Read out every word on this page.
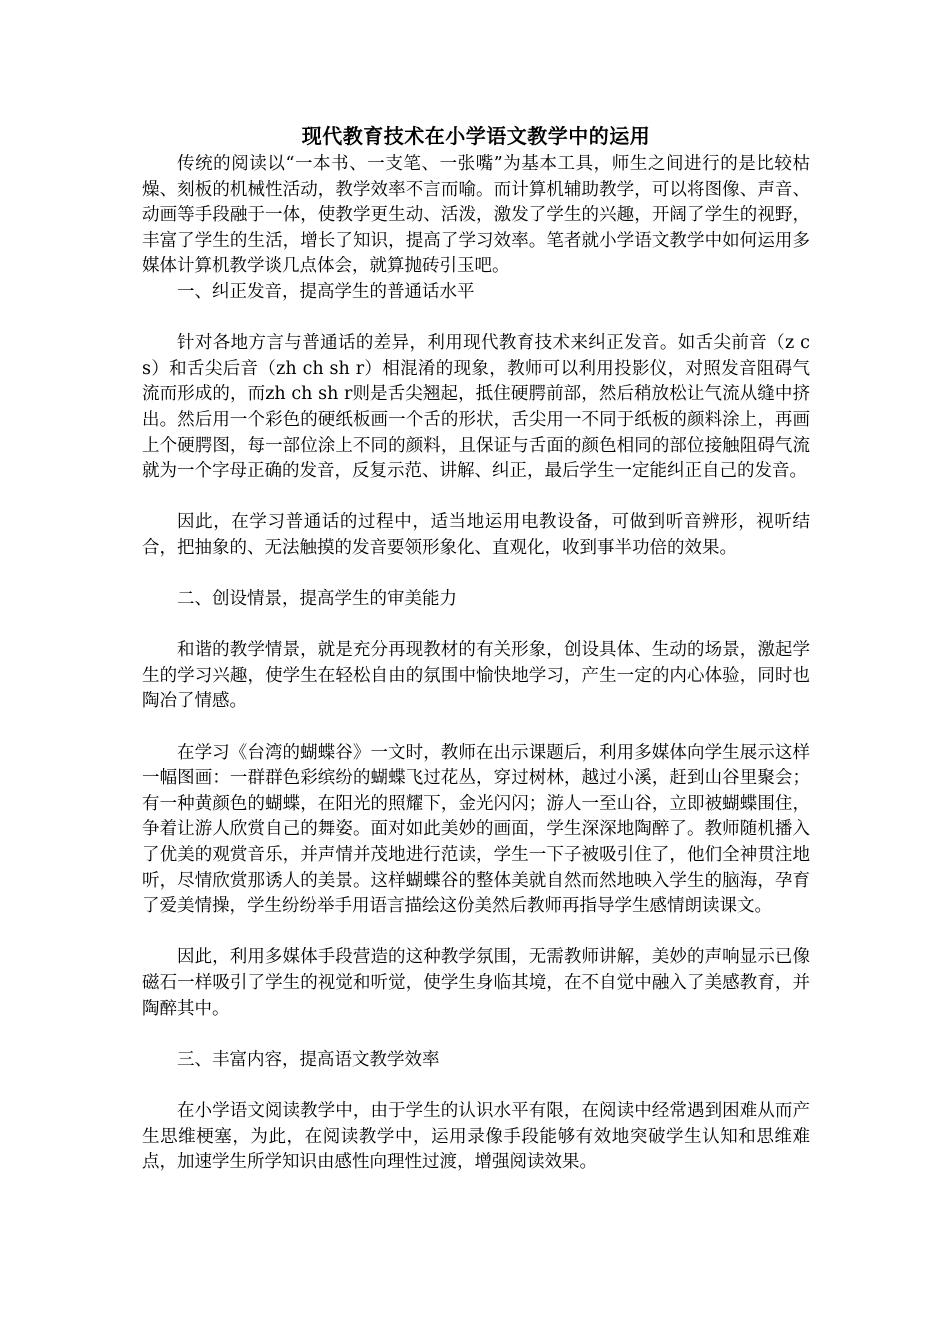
现代教育技术在小学语文教学中的运用

传统的阅读以“一本书、一支笔、一张嘴”为基本工具，师生之间进行的是比较枯燥、刻板的机械性活动，教学效率不言而喻。而计算机辅助教学，可以将图像、声音、动画等手段融于一体，使教学更生动、活泼，激发了学生的兴趣，开阔了学生的视野，丰富了学生的生活，增长了知识，提高了学习效率。笔者就小学语文教学中如何运用多媒体计算机教学谈几点体会，就算抛砖引玉吧。

一、纠正发音，提高学生的普通话水平

针对各地方言与普通话的差异，利用现代教育技术来纠正发音。如舌尖前音（z c s）和舌尖后音（zh ch sh r）相混淆的现象，教师可以利用投影仪，对照发音阻碍气流而形成的，而zh ch sh r则是舌尖翘起，抵住硬腭前部，然后稍放松让气流从缝中挤出。然后用一个彩色的硬纸板画一个舌的形状，舌尖用一不同于纸板的颜料涂上，再画上个硬腭图，每一部位涂上不同的颜料，且保证与舌面的颜色相同的部位接触阻碍气流就为一个字母正确的发音，反复示范、讲解、纠正，最后学生一定能纠正自己的发音。

因此，在学习普通话的过程中，适当地运用电教设备，可做到听音辨形，视听结合，把抽象的、无法触摸的发音要领形象化、直观化，收到事半功倍的效果。

二、创设情景，提高学生的审美能力

和谐的教学情景，就是充分再现教材的有关形象，创设具体、生动的场景，激起学生的学习兴趣，使学生在轻松自由的氛围中愉快地学习，产生一定的内心体验，同时也陶冶了情感。

在学习《台湾的蝴蝶谷》一文时，教师在出示课题后，利用多媒体向学生展示这样一幅图画：一群群色彩缤纷的蝴蝶飞过花丛，穿过树林，越过小溪，赶到山谷里聚会；有一种黄颜色的蝴蝶，在阳光的照耀下，金光闪闪；游人一至山谷，立即被蝴蝶围住，争着让游人欣赏自己的舞姿。面对如此美妙的画面，学生深深地陶醉了。教师随机播入了优美的观赏音乐，并声情并茂地进行范读，学生一下子被吸引住了，他们全神贯注地听，尽情欣赏那诱人的美景。这样蝴蝶谷的整体美就自然而然地映入学生的脑海，孕育了爱美情操，学生纷纷举手用语言描绘这份美然后教师再指导学生感情朗读课文。

因此，利用多媒体手段营造的这种教学氛围，无需教师讲解，美妙的声响显示已像磁石一样吸引了学生的视觉和听觉，使学生身临其境，在不自觉中融入了美感教育，并陶醉其中。

三、丰富内容，提高语文教学效率

在小学语文阅读教学中，由于学生的认识水平有限，在阅读中经常遇到困难从而产生思维梗塞，为此，在阅读教学中，运用录像手段能够有效地突破学生认知和思维难点，加速学生所学知识由感性向理性过渡，增强阅读效果。
